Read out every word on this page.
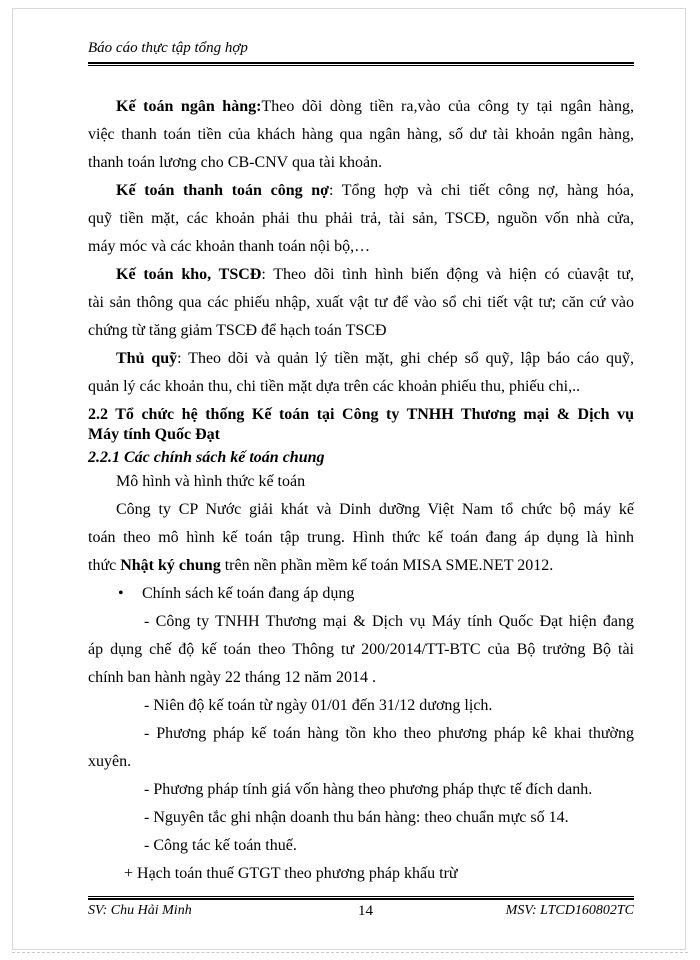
Báo cáo thực tập tổng hợp
Kế toán ngân hàng:Theo dõi dòng tiền ra,vào của công ty tại ngân hàng,
việc thanh toán tiền của khách hàng qua ngân hàng, số dư tài khoản ngân hàng,
thanh toán lương cho CB-CNV qua tài khoản.
Kế toán thanh toán công nợ: Tổng hợp và chi tiết công nợ, hàng hóa,
quỹ tiền mặt, các khoản phải thu phải trả, tài sản, TSCĐ, nguồn vốn nhà cửa,
máy móc và các khoản thanh toán nội bộ,…
Kế toán kho, TSCĐ: Theo dõi tình hình biến động và hiện có củavật tư,
tài sản thông qua các phiếu nhập, xuất vật tư để vào sổ chi tiết vật tư; căn cứ vào
chứng từ tăng giảm TSCĐ để hạch toán TSCĐ
Thủ quỹ: Theo dõi và quản lý tiền mặt, ghi chép sổ quỹ, lập báo cáo quỹ,
quản lý các khoản thu, chi tiền mặt dựa trên các khoản phiếu thu, phiếu chi,..
2.2 Tổ chức hệ thống Kế toán tại Công ty TNHH Thương mại & Dịch vụ
Máy tính Quốc Đạt
2.2.1 Các chính sách kế toán chung
Mô hình và hình thức kế toán
Công ty CP Nước giải khát và Dinh dưỡng Việt Nam tổ chức bộ máy kế
toán theo mô hình kế toán tập trung. Hình thức kế toán đang áp dụng là hình
thức Nhật ký chung trên nền phần mềm kế toán MISA SME.NET 2012.
• Chính sách kế toán đang áp dụng
- Công ty TNHH Thương mại & Dịch vụ Máy tính Quốc Đạt hiện đang
áp dụng chế độ kế toán theo Thông tư 200/2014/TT-BTC của Bộ trưởng Bộ tài
chính ban hành ngày 22 tháng 12 năm 2014 .
- Niên độ kế toán từ ngày 01/01 đến 31/12 dương lịch.
- Phương pháp kế toán hàng tồn kho theo phương pháp kê khai thường
xuyên.
- Phương pháp tính giá vốn hàng theo phương pháp thực tế đích danh.
- Nguyên tắc ghi nhận doanh thu bán hàng: theo chuẩn mực số 14.
- Công tác kế toán thuế.
+ Hạch toán thuế GTGT theo phương pháp khấu trừ
SV: Chu Hải Minh	14	MSV: LTCD160802TC
